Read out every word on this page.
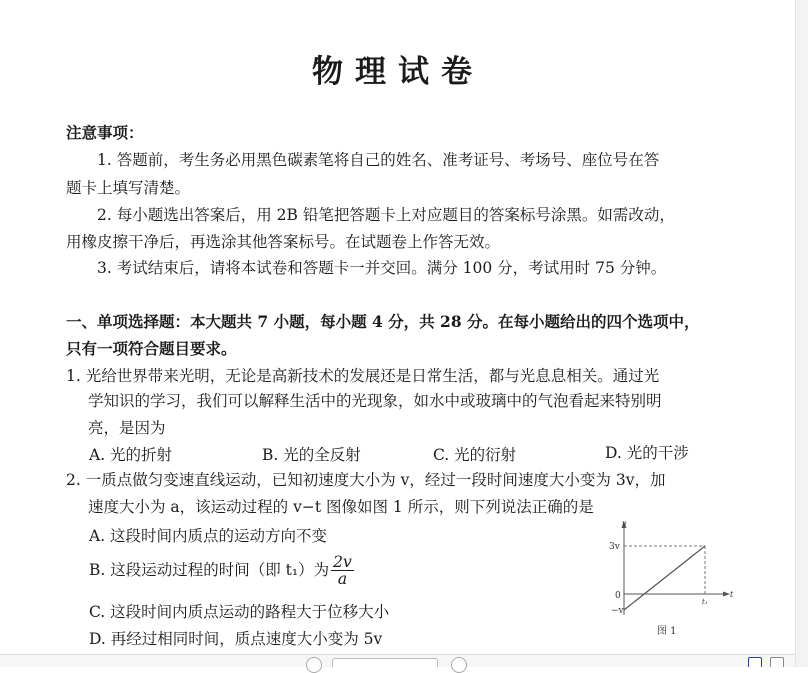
物理试卷
注意事项：
1. 答题前，考生务必用黑色碳素笔将自己的姓名、准考证号、考场号、座位号在答
题卡上填写清楚。
2. 每小题选出答案后，用 2B 铅笔把答题卡上对应题目的答案标号涂黑。如需改动，
用橡皮擦干净后，再选涂其他答案标号。在试题卷上作答无效。
3. 考试结束后，请将本试卷和答题卡一并交回。满分 100 分，考试用时 75 分钟。
一、单项选择题：本大题共 7 小题，每小题 4 分，共 28 分。在每小题给出的四个选项中，
只有一项符合题目要求。
1. 光给世界带来光明，无论是高新技术的发展还是日常生活，都与光息息相关。通过光
学知识的学习，我们可以解释生活中的光现象，如水中或玻璃中的气泡看起来特别明
亮，是因为
A. 光的折射	B. 光的全反射	C. 光的衍射	D. 光的干涉
2. 一质点做匀变速直线运动，已知初速度大小为 v，经过一段时间速度大小变为 3v，加
速度大小为 a，该运动过程的 v−t 图像如图 1 所示，则下列说法正确的是
A. 这段时间内质点的运动方向不变
B. 这段运动过程的时间（即 t₁）为 $\frac{2v}{a}$
C. 这段时间内质点运动的路程大于位移大小
D. 再经过相同时间，质点速度大小变为 5v
v
t
3v
0
−v
t₁
图 1
